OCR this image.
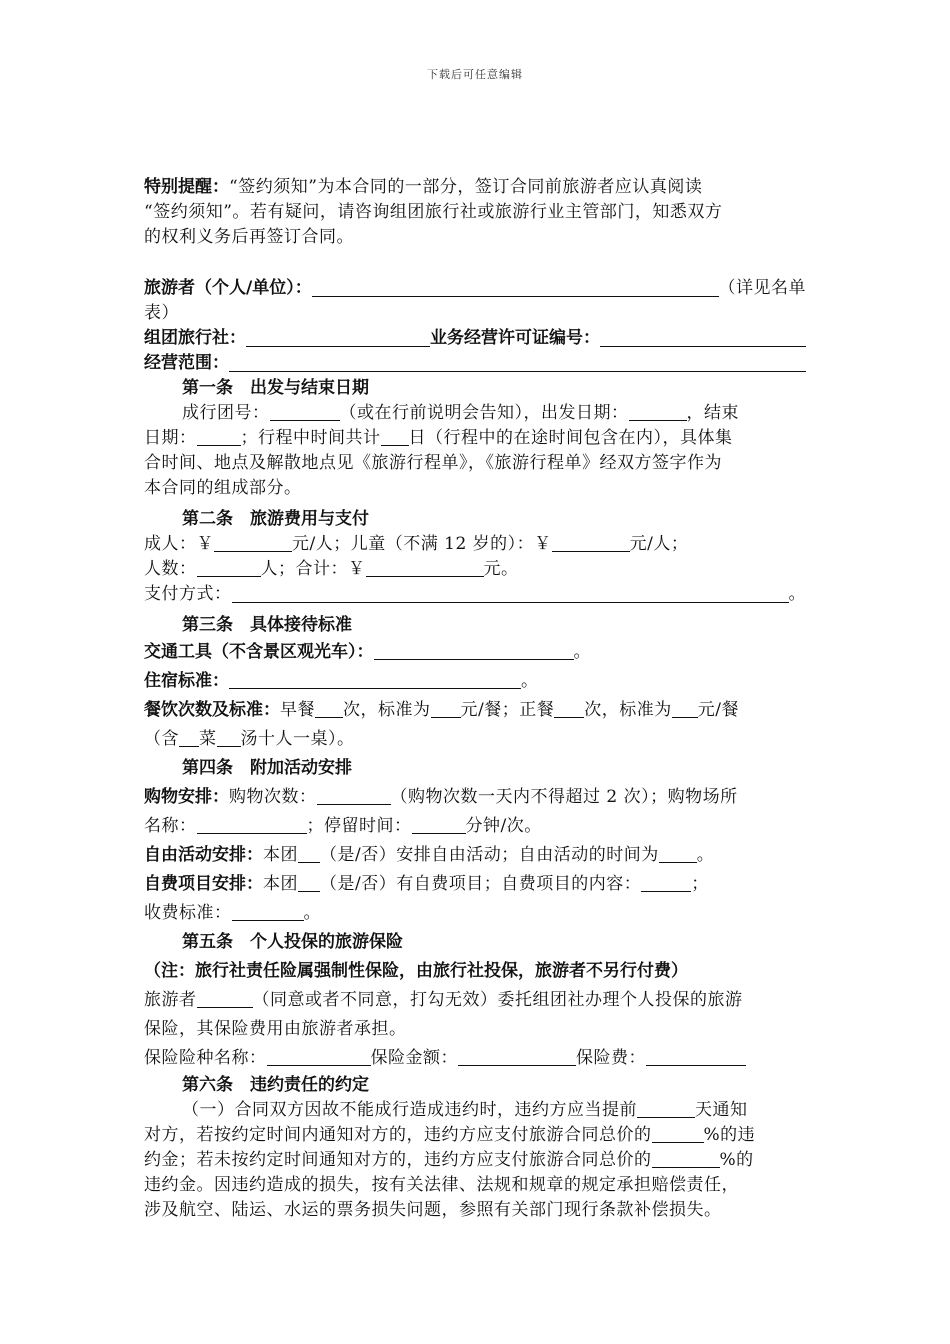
下载后可任意编辑
特别提醒：“签约须知”为本合同的一部分，签订合同前旅游者应认真阅读
“签约须知”。若有疑问，请咨询组团旅行社或旅游行业主管部门，知悉双方
的权利义务后再签订合同。
旅游者（个人/单位）：	（详见名单
表）
组团旅行社：	业务经营许可证编号：
经营范围：
第一条　出发与结束日期
成行团号：	（或在行前说明会告知），出发日期：	，结束
日期：	；行程中时间共计 日（行程中的在途时间包含在内），具体集
合时间、地点及解散地点见《旅游行程单》，《旅游行程单》经双方签字作为
本合同的组成部分。
第二条　旅游费用与支付
成人：￥	元/人；儿童（不满 12 岁的）：￥	元/人；
人数：	人；合计：￥	元。
支付方式：	。
第三条　具体接待标准
交通工具（不含景区观光车）：	。
住宿标准：	。
餐饮次数及标准：早餐 次，标准为 元/餐；正餐 次，标准为 元/餐
（含 菜 汤十人一桌）。
第四条　附加活动安排
购物安排：购物次数：	（购物次数一天内不得超过 2 次）；购物场所
名称：	；停留时间：	分钟/次。
自由活动安排：本团 （是/否）安排自由活动；自由活动的时间为 。
自费项目安排：本团 （是/否）有自费项目；自费项目的内容：	；
收费标准：	。
第五条　个人投保的旅游保险
（注：旅行社责任险属强制性保险，由旅行社投保，旅游者不另行付费）
旅游者	（同意或者不同意，打勾无效）委托组团社办理个人投保的旅游
保险，其保险费用由旅游者承担。
保险险种名称：	保险金额：	保险费：
第六条　违约责任的约定
（一）合同双方因故不能成行造成违约时，违约方应当提前	天通知
对方，若按约定时间内通知对方的，违约方应支付旅游合同总价的	%的违
约金；若未按约定时间通知对方的，违约方应支付旅游合同总价的	%的
违约金。因违约造成的损失，按有关法律、法规和规章的规定承担赔偿责任，
涉及航空、陆运、水运的票务损失问题，参照有关部门现行条款补偿损失。
